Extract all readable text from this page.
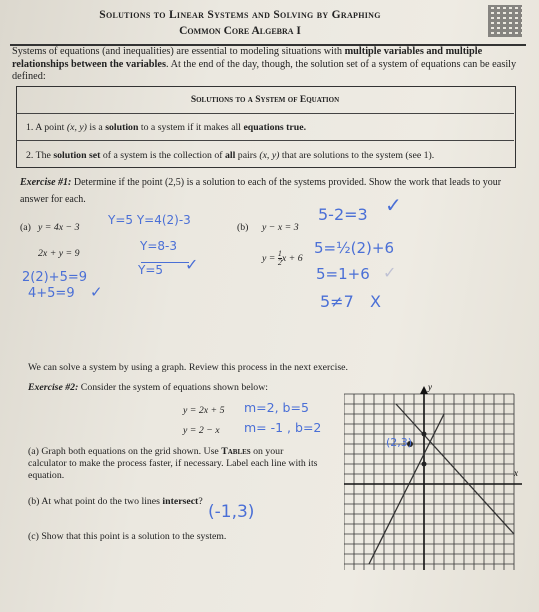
Solutions to Linear Systems and Solving by Graphing
Common Core Algebra I
Systems of equations (and inequalities) are essential to modeling situations with multiple variables and multiple relationships between the variables. At the end of the day, though, the solution set of a system of equations can be easily defined:
Solutions to a System of Equation
1. A point (x, y) is a solution to a system if it makes all equations true.
2. The solution set of a system is the collection of all pairs (x, y) that are solutions to the system (see 1).
Exercise #1: Determine if the point (2,5) is a solution to each of the systems provided. Show the work that leads to your answer for each.
(a) y = 4x − 3
2x + y = 9
(b) y − x = 3
$y = \frac{1}{2}$ x + 6
Y=5 Y=4(2)-3
Y=8-3
Y=5 ✓
2(2)+5=9
4+5=9 ✓
5-2=3 ✓
5=½(2)+6
5=1+6 ✓
5≠7 X
We can solve a system by using a graph. Review this process in the next exercise.
Exercise #2: Consider the system of equations shown below:
y = 2x + 5
y = 2 − x
m=2, b=5
m= -1 , b=2
(a) Graph both equations on the grid shown. Use Tables on your calculator to make the process faster, if necessary. Label each line with its equation.
(b) At what point do the two lines intersect?
(-1,3)
(c) Show that this point is a solution to the system.
y
x
(2,3)
